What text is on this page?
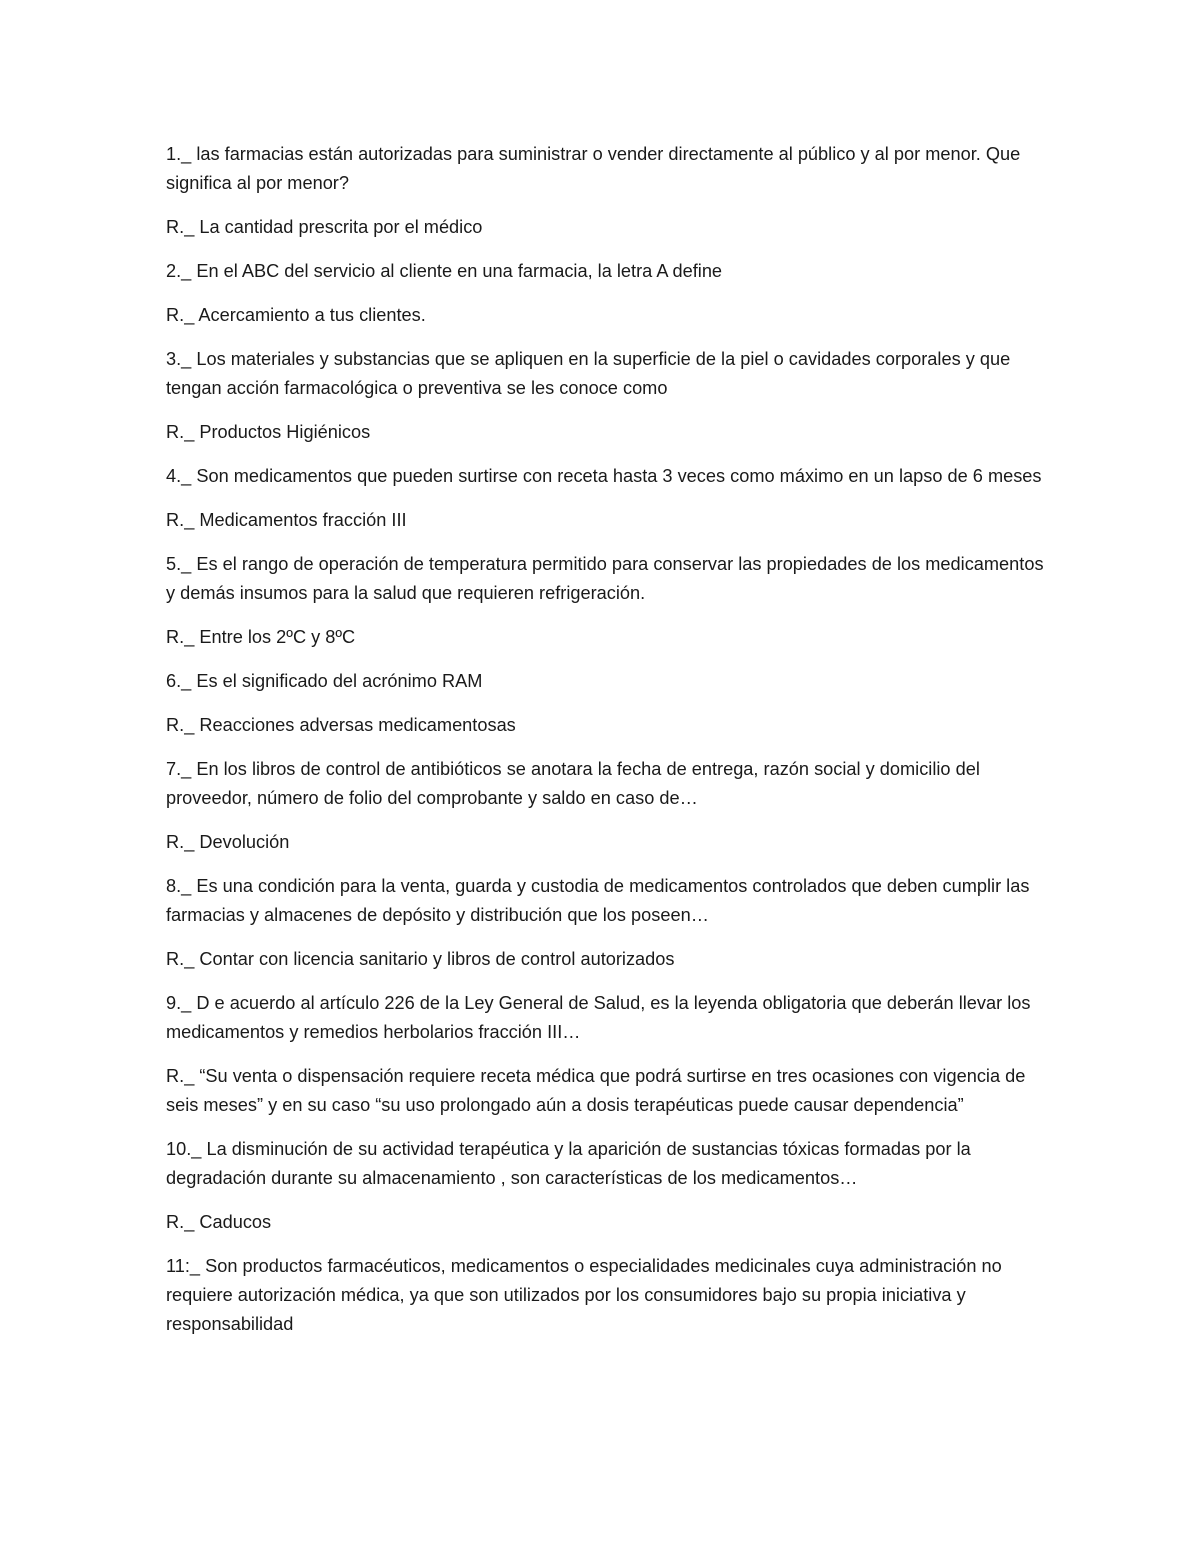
1._ las farmacias están autorizadas para suministrar o vender directamente al público y al por menor. Que significa al por menor?

R._ La cantidad prescrita por el médico

2._ En el ABC del servicio al cliente en una farmacia, la letra A define

R._ Acercamiento a tus clientes.

3._ Los materiales y substancias que se apliquen en la superficie de la piel o cavidades corporales y que tengan acción farmacológica o preventiva se les conoce como

R._ Productos Higiénicos

4._ Son medicamentos que pueden surtirse con receta hasta 3 veces como máximo en un lapso de 6 meses

R._ Medicamentos fracción III

5._ Es el rango de operación de temperatura permitido para conservar las propiedades de los medicamentos y demás insumos para la salud que requieren refrigeración.

R._ Entre los 2ºC y 8ºC

6._ Es el significado del acrónimo RAM

R._ Reacciones adversas medicamentosas

7._ En los libros de control de antibióticos se anotara la fecha de entrega, razón social y domicilio del proveedor, número de folio del comprobante y saldo en caso de…

R._ Devolución

8._ Es una condición para la venta, guarda y custodia de medicamentos controlados que deben cumplir las farmacias y almacenes de depósito y distribución que los poseen…

R._ Contar con licencia sanitario y libros de control autorizados

9._ D e acuerdo al artículo 226 de la Ley General de Salud, es la leyenda obligatoria que deberán llevar los medicamentos y remedios herbolarios fracción III…

R._ “Su venta o dispensación requiere receta médica que podrá surtirse en tres ocasiones con vigencia de seis meses” y en su caso “su uso prolongado aún a dosis terapéuticas puede causar dependencia”

10._ La disminución de su actividad terapéutica y la aparición de sustancias tóxicas formadas por la degradación durante su almacenamiento , son características de los medicamentos…

R._ Caducos

11:_ Son productos farmacéuticos, medicamentos o especialidades medicinales cuya administración no requiere autorización médica, ya que son utilizados por los consumidores bajo su propia iniciativa y responsabilidad
